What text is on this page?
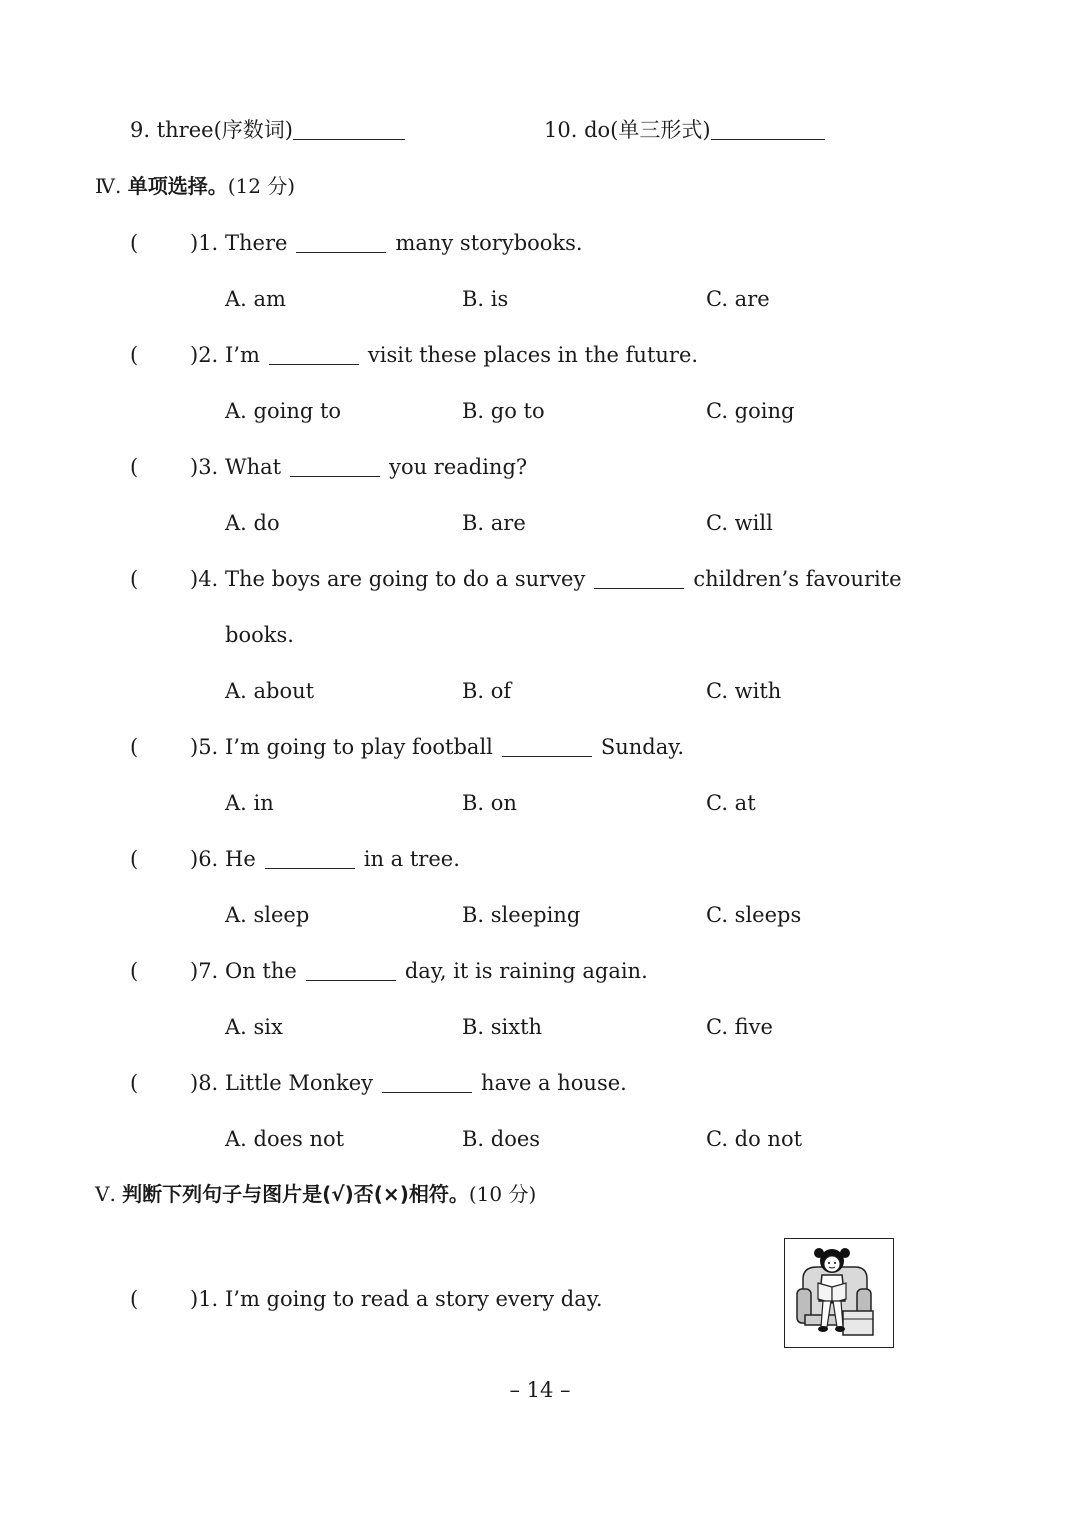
9. three(序数词)	10. do(单三形式)
Ⅳ. 单项选择。(12 分)
( )1. There	many storybooks.
A. am	B. is	C. are
( )2. I’m	visit these places in the future.
A. going to	B. go to	C. going
( )3. What	you reading?
A. do	B. are	C. will
( )4. The boys are going to do a survey	children’s favourite
books.
A. about	B. of	C. with
( )5. I’m going to play football	Sunday.
A. in	B. on	C. at
( )6. He	in a tree.
A. sleep	B. sleeping	C. sleeps
( )7. On the	day, it is raining again.
A. six	B. sixth	C. five
( )8. Little Monkey	have a house.
A. does not	B. does	C. do not
Ⅴ. 判断下列句子与图片是(√)否(×)相符。(10 分)
( )1. I’m going to read a story every day.
– 14 –
